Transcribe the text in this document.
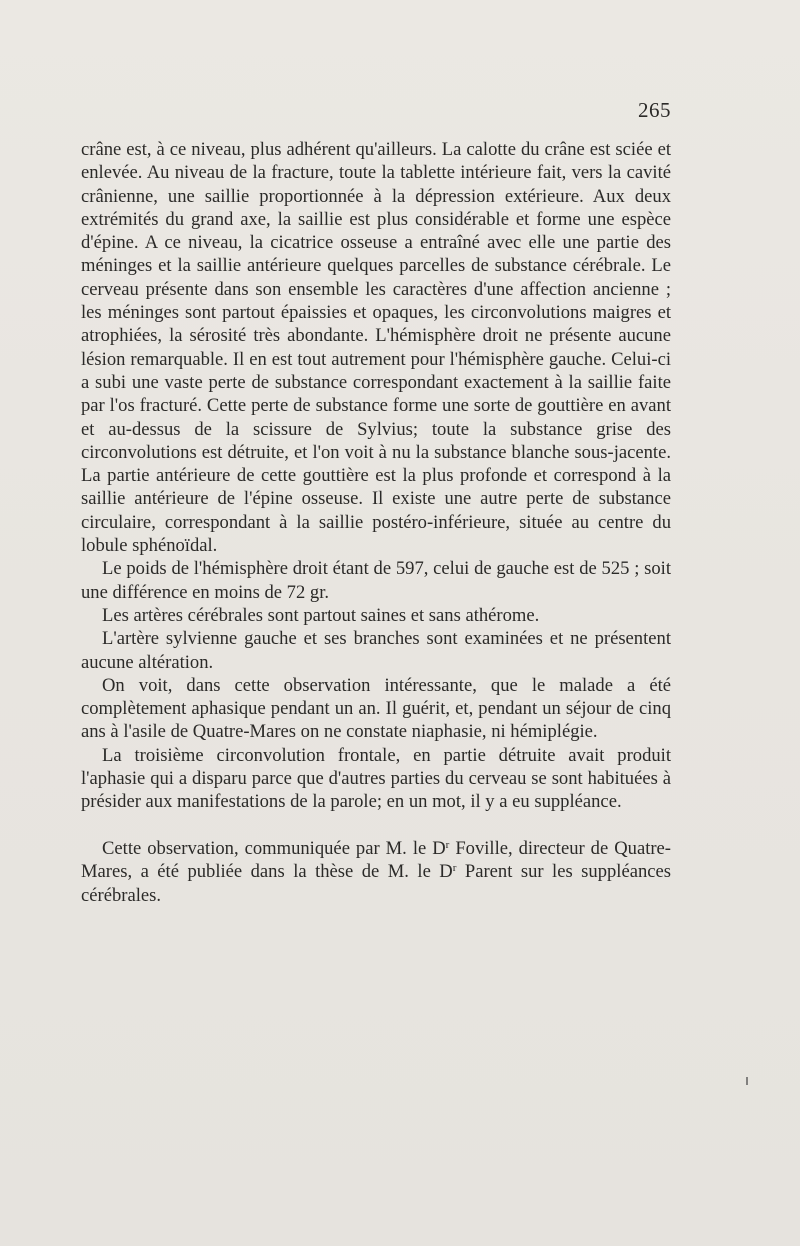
265

crâne est, à ce niveau, plus adhérent qu'ailleurs. La calotte du crâne est sciée et enlevée. Au niveau de la fracture, toute la tablette intérieure fait, vers la cavité crânienne, une saillie proportionnée à la dépression extérieure. Aux deux extrémités du grand axe, la saillie est plus considérable et forme une espèce d'épine. A ce niveau, la cicatrice osseuse a entraîné avec elle une partie des méninges et la saillie antérieure quelques parcelles de substance cérébrale. Le cerveau présente dans son ensemble les caractères d'une affection ancienne ; les méninges sont partout épaissies et opaques, les circonvolutions maigres et atrophiées, la sérosité très abondante. L'hémisphère droit ne présente aucune lésion remarquable. Il en est tout autrement pour l'hémisphère gauche. Celui-ci a subi une vaste perte de substance correspondant exactement à la saillie faite par l'os fracturé. Cette perte de substance forme une sorte de gouttière en avant et au-dessus de la scissure de Sylvius; toute la substance grise des circonvolutions est détruite, et l'on voit à nu la substance blanche sous-jacente. La partie antérieure de cette gouttière est la plus profonde et correspond à la saillie antérieure de l'épine osseuse. Il existe une autre perte de substance circulaire, correspondant à la saillie postéro-inférieure, située au centre du lobule sphénoïdal.

Le poids de l'hémisphère droit étant de 597, celui de gauche est de 525 ; soit une différence en moins de 72 gr.

Les artères cérébrales sont partout saines et sans athérome.

L'artère sylvienne gauche et ses branches sont examinées et ne présentent aucune altération.

On voit, dans cette observation intéressante, que le malade a été complètement aphasique pendant un an. Il guérit, et, pendant un séjour de cinq ans à l'asile de Quatre-Mares on ne constate niaphasie, ni hémiplégie.

La troisième circonvolution frontale, en partie détruite avait produit l'aphasie qui a disparu parce que d'autres parties du cerveau se sont habituées à présider aux manifestations de la parole; en un mot, il y a eu suppléance.

Cette observation, communiquée par M. le $D^r$ Foville, directeur de Quatre-Mares, a été publiée dans la thèse de M. le $D^r$ Parent sur les suppléances cérébrales.
